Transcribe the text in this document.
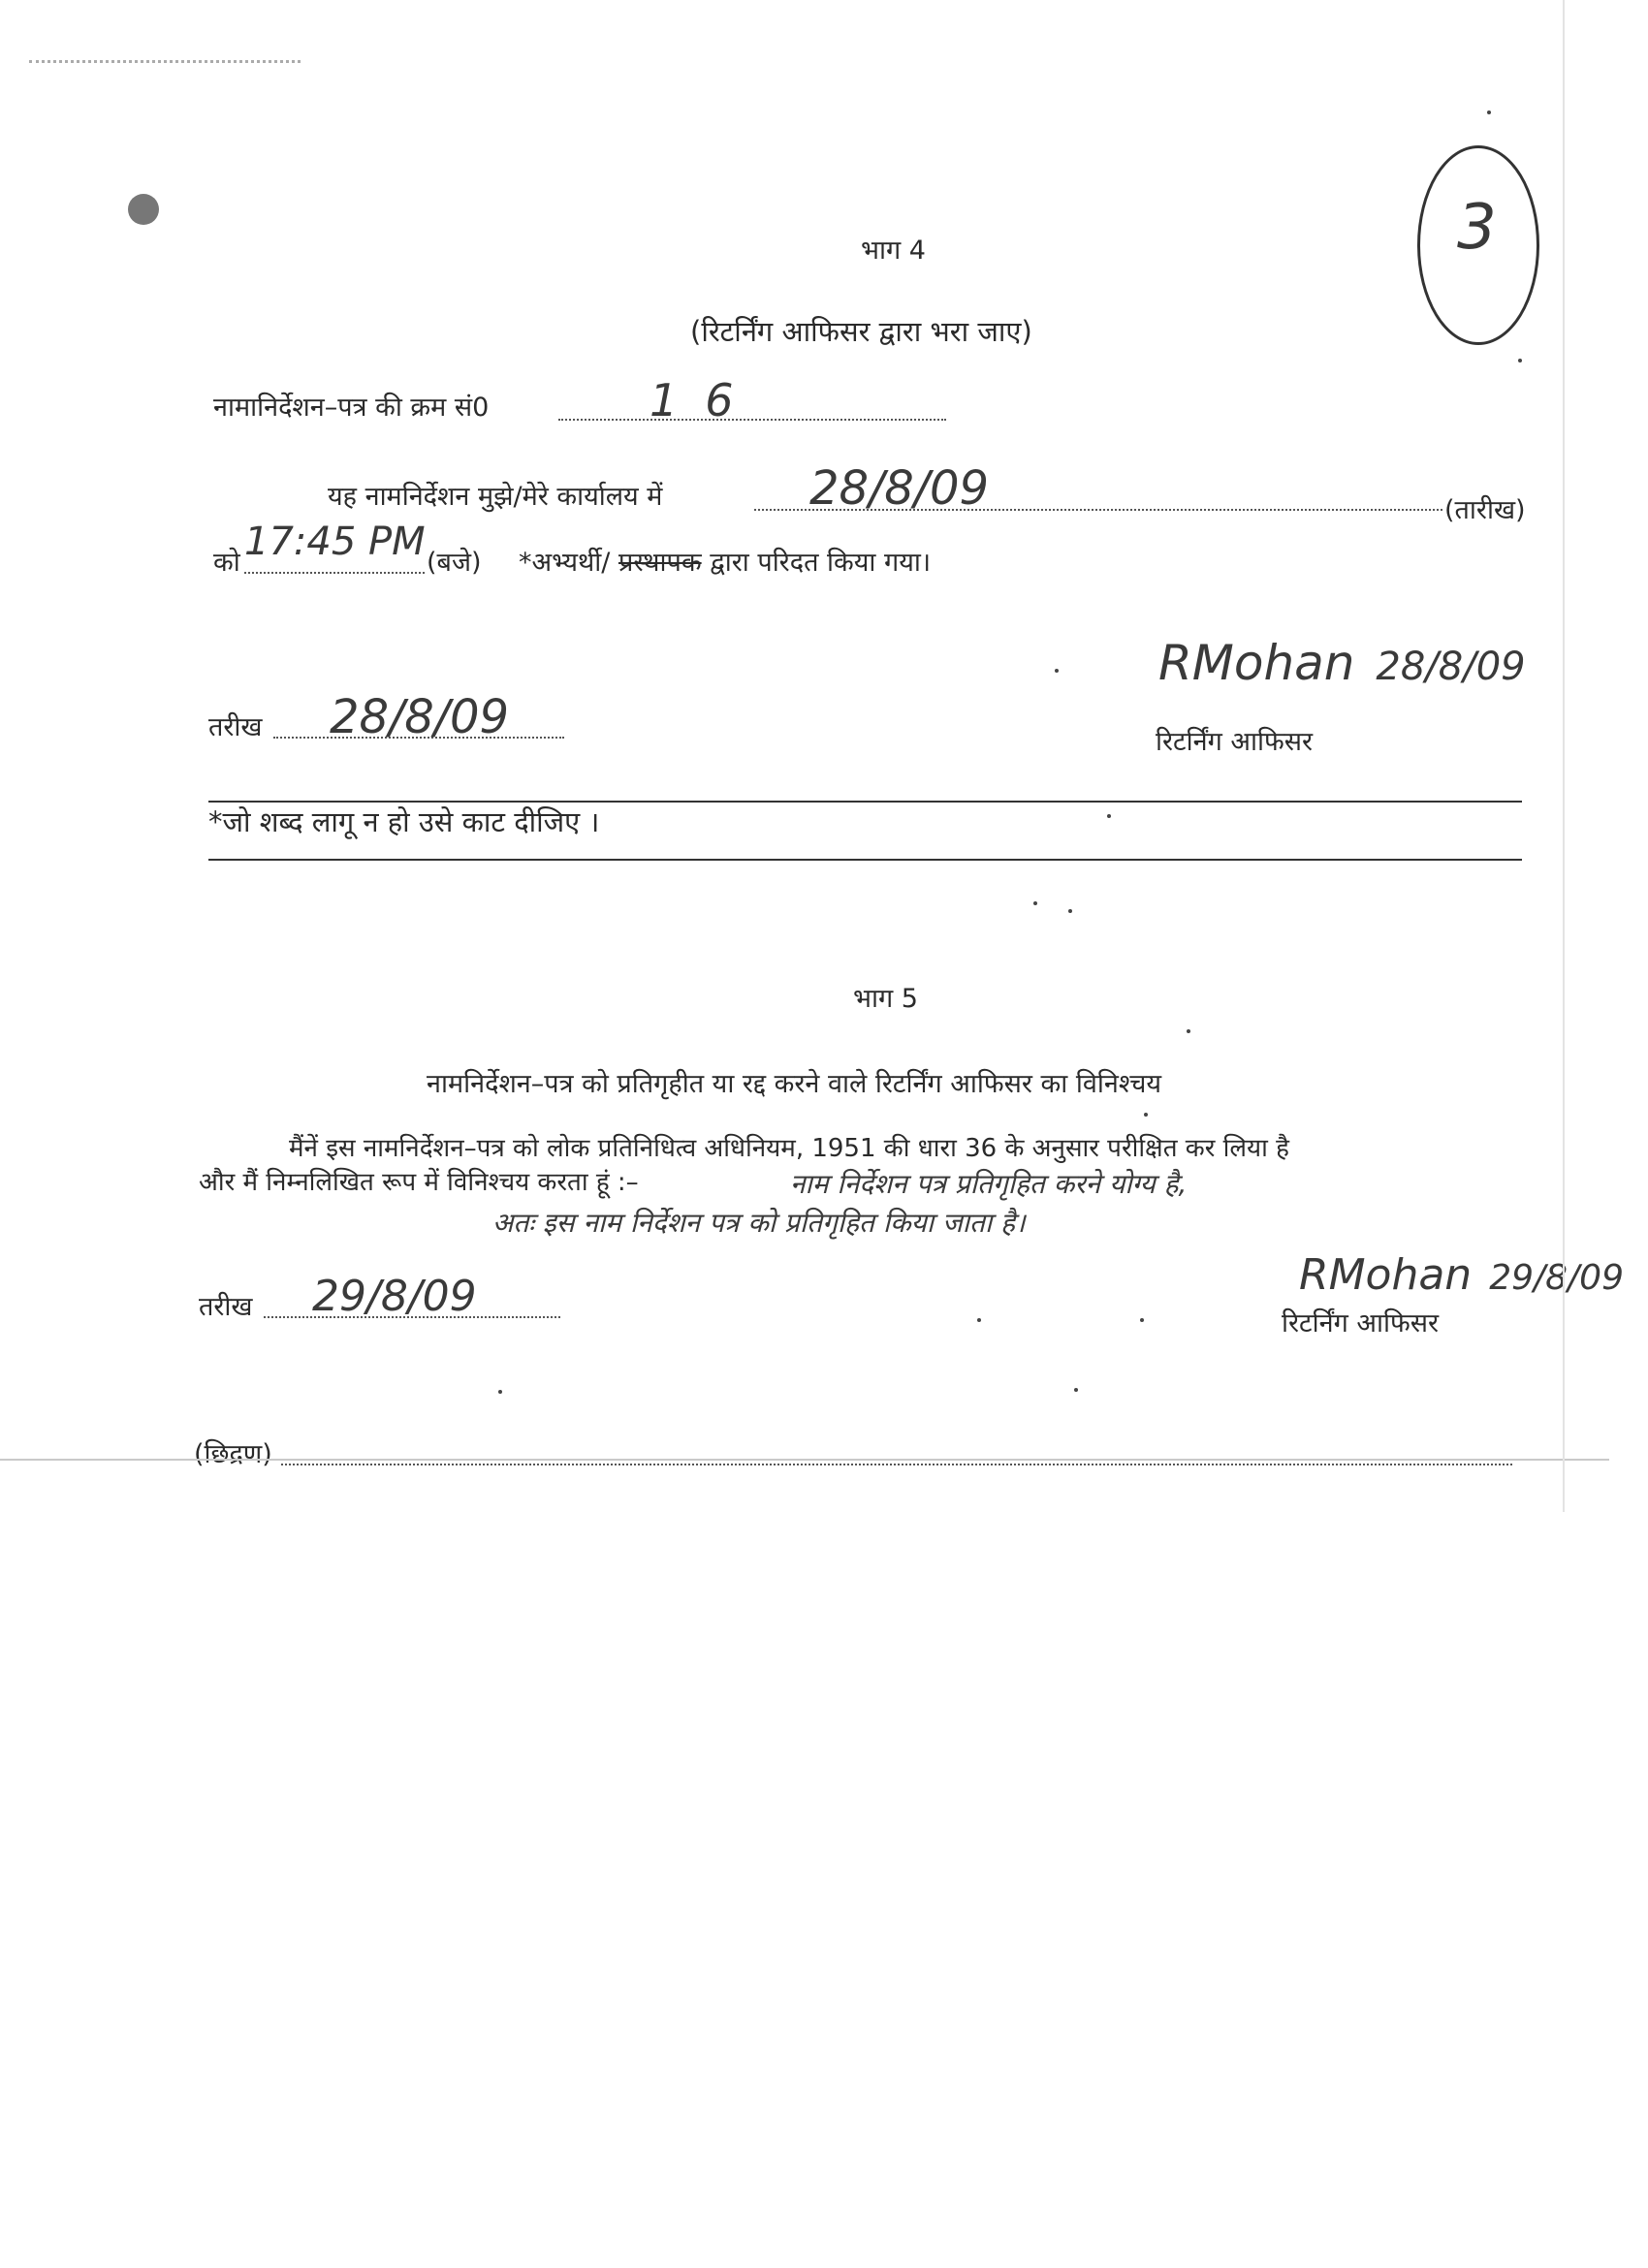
3
भाग 4
(रिटर्निंग आफिसर द्वारा भरा जाए)
नामानिर्देशन–पत्र की क्रम सं0	16
यह नामनिर्देशन मुझे/मेरे कार्यालय में	28/8/09	(तारीख)
को 17:45 PM (बजे) *अभ्यर्थी/ प्रस्थापक द्वारा परिदत किया गया।
तरीख 28/8/09
RMohan 28/8/09
रिटर्निंग आफिसर
*जो शब्द लागू न हो उसे काट दीजिए ।
भाग 5
नामनिर्देशन–पत्र को प्रतिगृहीत या रद्द करने वाले रिटर्निंग आफिसर का विनिश्चय
मैंनें इस नामनिर्देशन–पत्र को लोक प्रतिनिधित्व अधिनियम, 1951 की धारा 36 के अनुसार परीक्षित कर लिया है
और मैं निम्नलिखित रूप में विनिश्चय करता हूं :–	नाम निर्देशन पत्र प्रतिगृहित करने योग्य है,
अतः इस नाम निर्देशन पत्र को प्रतिगृहित किया जाता है।
तरीख 29/8/09	RMohan 29/8/09
रिटर्निंग आफिसर
(छिद्रण)
